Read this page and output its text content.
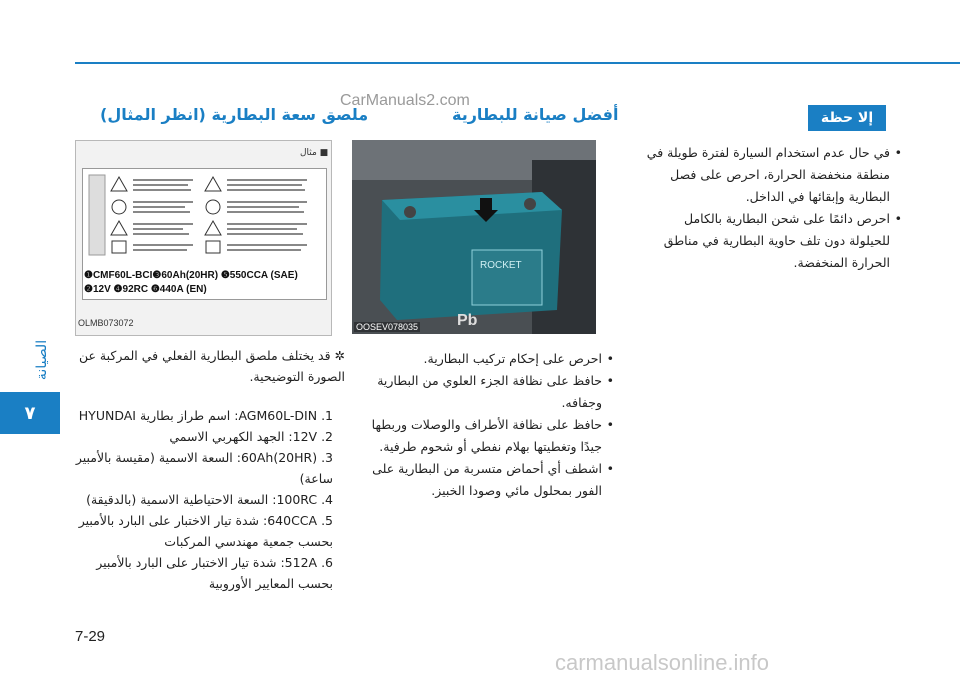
الصيانة
٧
CarManuals2.com
ملصق سعة البطارية (انظر المثال)	أفضل صيانة للبطارية	إلا حظة
• في حال عدم استخدام السيارة لفترة طويلة في منطقة منخفضة الحرارة، احرص على فصل البطارية وإبقائها في الداخل.
• احرص دائمًا على شحن البطارية بالكامل للحيلولة دون تلف حاوية البطارية في مناطق الحرارة المنخفضة.
ROCKET
Pb
OOSEV078035
■ مثال
❶CMF60L-BCI❸60Ah(20HR) ❺550CCA (SAE)
❷12V ❹92RC ❻440A (EN)
OLMB073072
• احرص على إحكام تركيب البطارية.
• حافظ على نظافة الجزء العلوي من البطارية وجفافه.
• حافظ على نظافة الأطراف والوصلات وربطها جيدًا وتغطيتها بهلام نفطي أو شحوم طرفية.
• اشطف أي أحماض متسربة من البطارية على الفور بمحلول مائي وصودا الخبيز.
✲ قد يختلف ملصق البطارية الفعلي في المركبة عن الصورة التوضيحية.
1. AGM60L-DIN: اسم طراز بطارية HYUNDAI
2. 12V: الجهد الكهربي الاسمي
3. 60Ah(20HR): السعة الاسمية (مقيسة بالأمبير ساعة)
4. 100RC: السعة الاحتياطية الاسمية (بالدقيقة)
5. 640CCA: شدة تيار الاختبار على البارد بالأمبير بحسب جمعية مهندسي المركبات
6. 512A: شدة تيار الاختبار على البارد بالأمبير بحسب المعايير الأوروبية
7-29
carmanualsonline.info
